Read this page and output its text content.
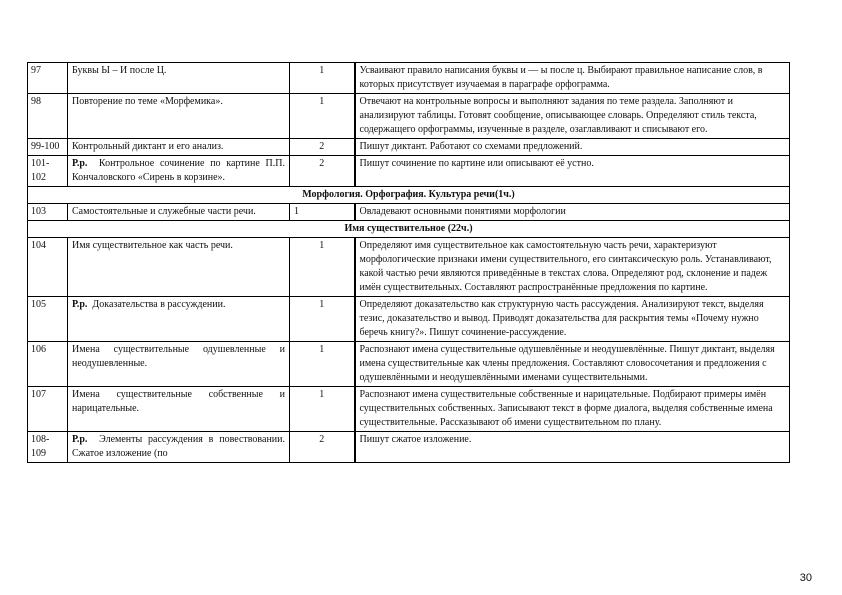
97	Буквы Ы – И после Ц.	1	Усваивают правило написания буквы и — ы после ц. Выбирают правильное написание слов, в которых присутствует изучаемая в параграфе орфограмма.
98	Повторение по теме «Морфемика».	1	Отвечают на контрольные вопросы и выполняют задания по теме раздела. Заполняют и анализируют таблицы. Готовят сообщение, описывающее словарь. Определяют стиль текста, содержащего орфограммы, изученные в разделе, озаглавливают и списывают его.
99-100	Контрольный диктант и его анализ.	2	Пишут диктант. Работают со схемами предложений.
101-102	Р.р. Контрольное сочинение по картине П.П. Кончаловского «Сирень в корзине».	2	Пишут сочинение по картине или описывают её устно.
Морфология. Орфография. Культура речи(1ч.)			
103	Самостоятельные и служебные части речи.	1	Овладевают основными понятиями морфологии
Имя существительное (22ч.)			
104	Имя существительное как часть речи.	1	Определяют имя существительное как самостоятельную часть речи, характеризуют морфологические признаки имени существительного, его синтаксическую роль. Устанавливают, какой частью речи являются приведённые в текстах слова. Определяют род, склонение и падеж имён существительных. Составляют распространённые предложения по картине.
105	Р.р. Доказательства в рассуждении.	1	Определяют доказательство как структурную часть рассуждения. Анализируют текст, выделяя тезис, доказательство и вывод. Приводят доказательства для раскрытия темы «Почему нужно беречь книгу?». Пишут сочинение-рассуждение.
106	Имена существительные одушевленные и неодушевленные.	1	Распознают имена существительные одушевлённые и неодушевлённые. Пишут диктант, выделяя имена существительные как члены предложения. Составляют словосочетания и предложения с одушевлёнными и неодушевлёнными именами существительными.
107	Имена существительные собственные и нарицательные.	1	Распознают имена существительные собственные и нарицательные. Подбирают примеры имён существительных собственных. Записывают текст в форме диалога, выделяя собственные имена существительные. Рассказывают об имени существительном по плану.
108-109	Р.р. Элементы рассуждения в повествовании. Сжатое изложение (по	2	Пишут сжатое изложение.
30
